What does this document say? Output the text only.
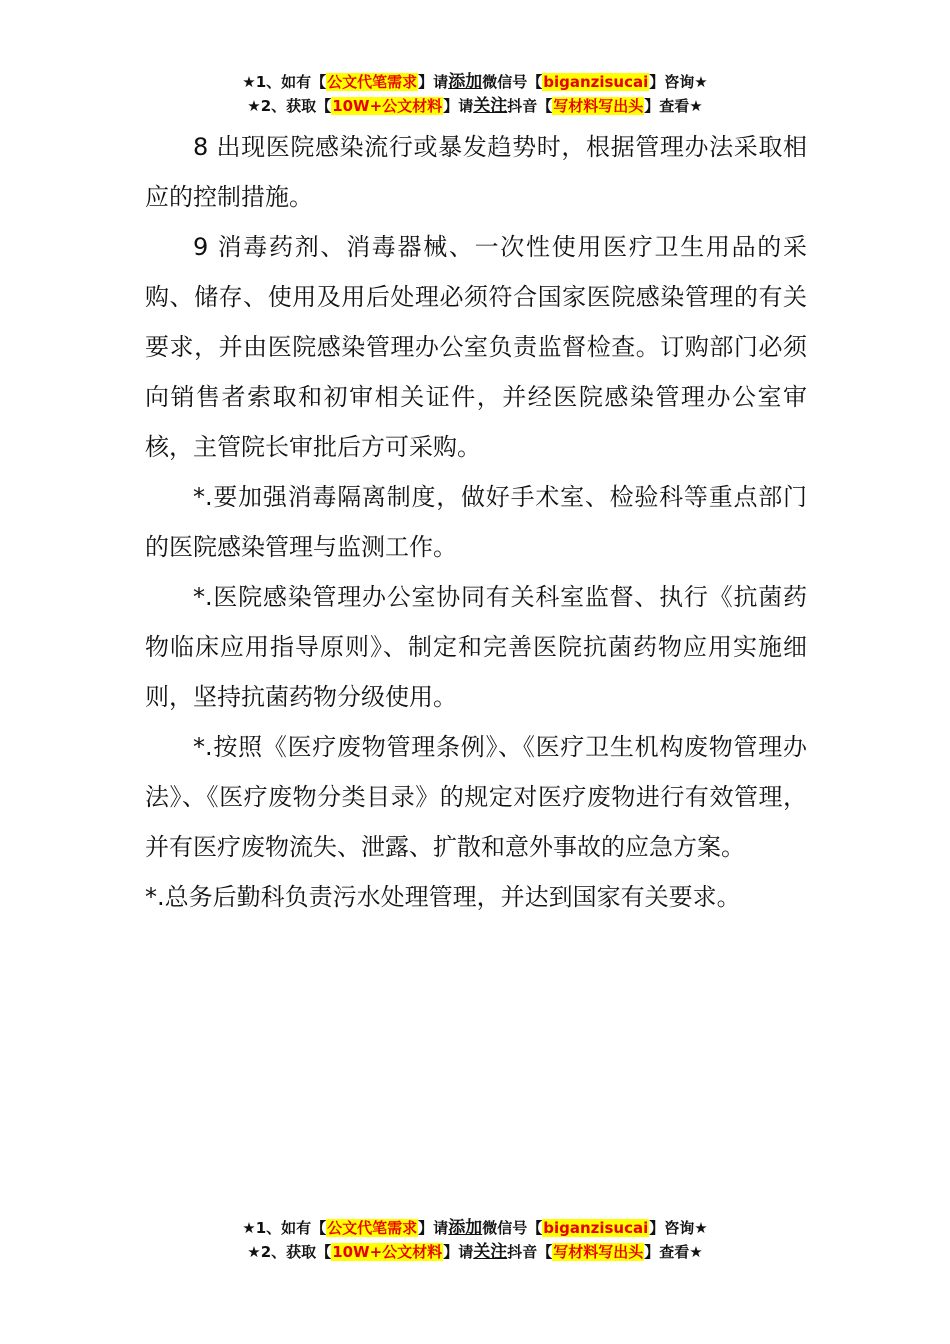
★1、如有【公文代笔需求】请添加微信号【biganzisucai】咨询★
★2、获取【10W+公文材料】请关注抖音【写材料写出头】查看★

8 出现医院感染流行或暴发趋势时，根据管理办法采取相应的控制措施。

9 消毒药剂、消毒器械、一次性使用医疗卫生用品的采购、储存、使用及用后处理必须符合国家医院感染管理的有关要求，并由医院感染管理办公室负责监督检查。订购部门必须向销售者索取和初审相关证件，并经医院感染管理办公室审核，主管院长审批后方可采购。

*.要加强消毒隔离制度，做好手术室、检验科等重点部门的医院感染管理与监测工作。

*.医院感染管理办公室协同有关科室监督、执行《抗菌药物临床应用指导原则》、制定和完善医院抗菌药物应用实施细则，坚持抗菌药物分级使用。

*.按照《医疗废物管理条例》、《医疗卫生机构废物管理办法》、《医疗废物分类目录》的规定对医疗废物进行有效管理，并有医疗废物流失、泄露、扩散和意外事故的应急方案。

*.总务后勤科负责污水处理管理，并达到国家有关要求。

★1、如有【公文代笔需求】请添加微信号【biganzisucai】咨询★
★2、获取【10W+公文材料】请关注抖音【写材料写出头】查看★
